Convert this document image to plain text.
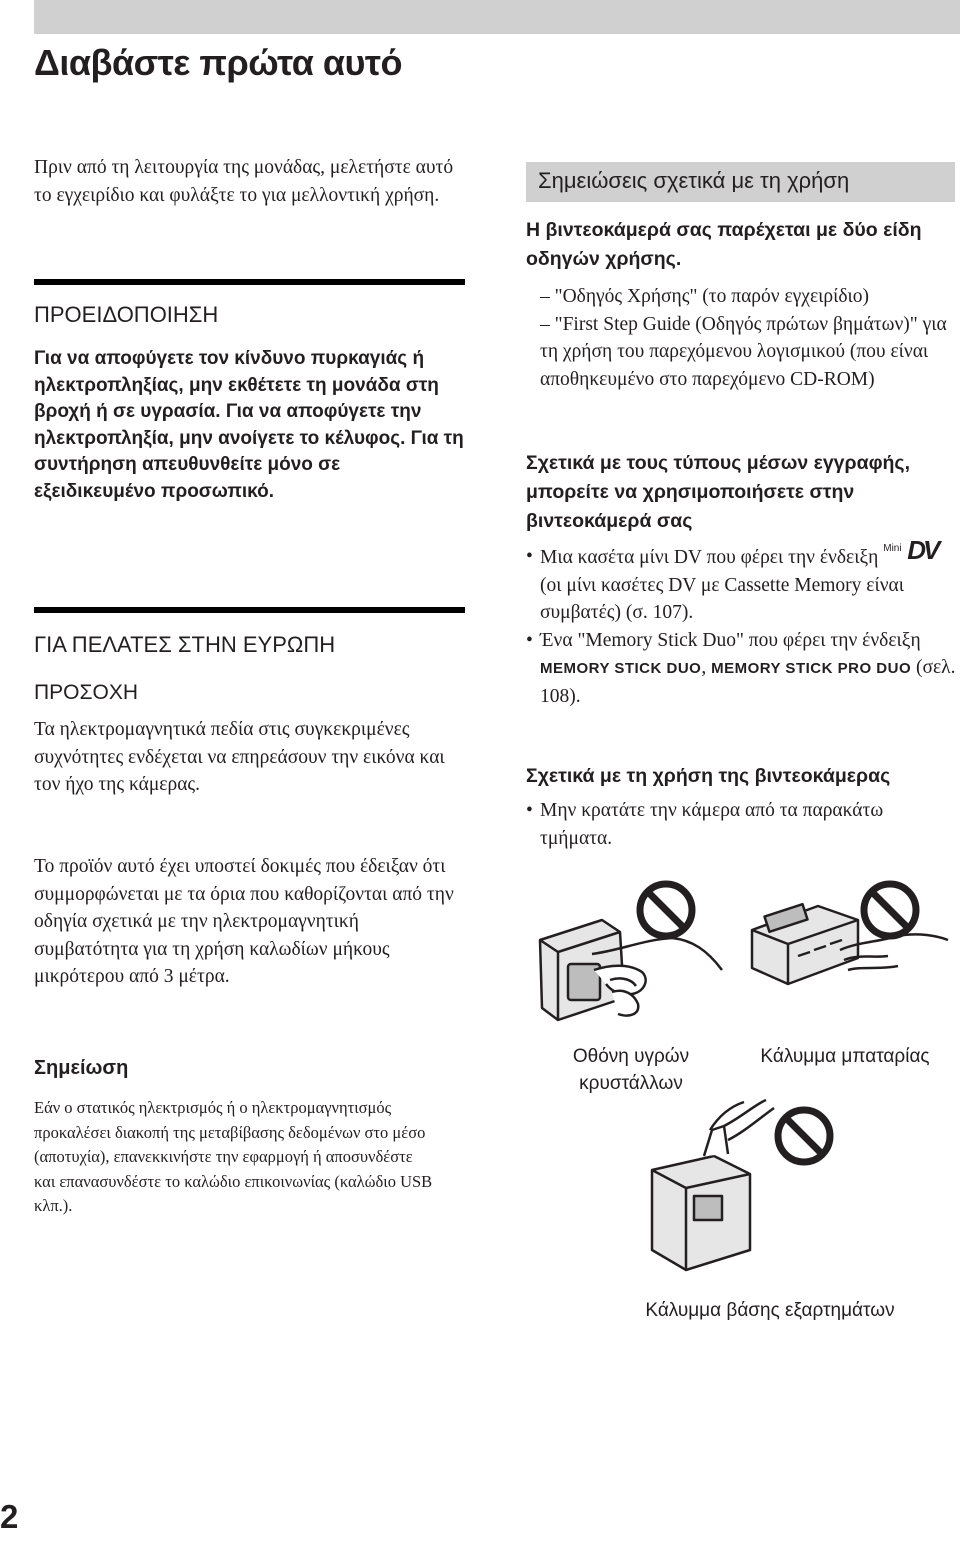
Διαβάστε πρώτα αυτό

Πριν από τη λειτουργία της μονάδας, μελετήστε αυτό το εγχειρίδιο και φυλάξτε το για μελλοντική χρήση.

ΠΡΟΕΙΔΟΠΟΙΗΣΗ

Για να αποφύγετε τον κίνδυνο πυρκαγιάς ή ηλεκτροπληξίας, μην εκθέτετε τη μονάδα στη βροχή ή σε υγρασία. Για να αποφύγετε την ηλεκτροπληξία, μην ανοίγετε το κέλυφος. Για τη συντήρηση απευθυνθείτε μόνο σε εξειδικευμένο προσωπικό.

ΓΙΑ ΠΕΛΑΤΕΣ ΣΤΗΝ ΕΥΡΩΠΗ
ΠΡΟΣΟΧΗ

Τα ηλεκτρομαγνητικά πεδία στις συγκεκριμένες συχνότητες ενδέχεται να επηρεάσουν την εικόνα και τον ήχο της κάμερας.

Το προϊόν αυτό έχει υποστεί δοκιμές που έδειξαν ότι συμμορφώνεται με τα όρια που καθορίζονται από την οδηγία σχετικά με την ηλεκτρομαγνητική συμβατότητα για τη χρήση καλωδίων μήκους μικρότερου από 3 μέτρα.

Σημείωση

Εάν ο στατικός ηλεκτρισμός ή ο ηλεκτρομαγνητισμός προκαλέσει διακοπή της μεταβίβασης δεδομένων στο μέσο (αποτυχία), επανεκκινήστε την εφαρμογή ή αποσυνδέστε και επανασυνδέστε το καλώδιο επικοινωνίας (καλώδιο USB κλπ.).

Σημειώσεις σχετικά με τη χρήση

Η βιντεοκάμερά σας παρέχεται με δύο είδη οδηγών χρήσης.

– "Οδηγός Χρήσης" (το παρόν εγχειρίδιο)

– "First Step Guide (Οδηγός πρώτων βημάτων)" για τη χρήση του παρεχόμενου λογισμικού (που είναι αποθηκευμένο στο παρεχόμενο CD-ROM)

Σχετικά με τους τύπους μέσων εγγραφής, μπορείτε να χρησιμοποιήσετε στην βιντεοκάμερά σας

• Μια κασέτα μίνι DV που φέρει την ένδειξη Mini DV
(οι μίνι κασέτες DV με Cassette Memory είναι συμβατές) (σ. 107).

• Ένα "Memory Stick Duo" που φέρει την ένδειξη MEMORY STICK DUO, MEMORY STICK PRO DUO (σελ. 108).

Σχετικά με τη χρήση της βιντεοκάμερας

• Μην κρατάτε την κάμερα από τα παρακάτω τμήματα.

Οθόνη υγρών κρυστάλλων

Κάλυμμα μπαταρίας

Κάλυμμα βάσης εξαρτημάτων

2
